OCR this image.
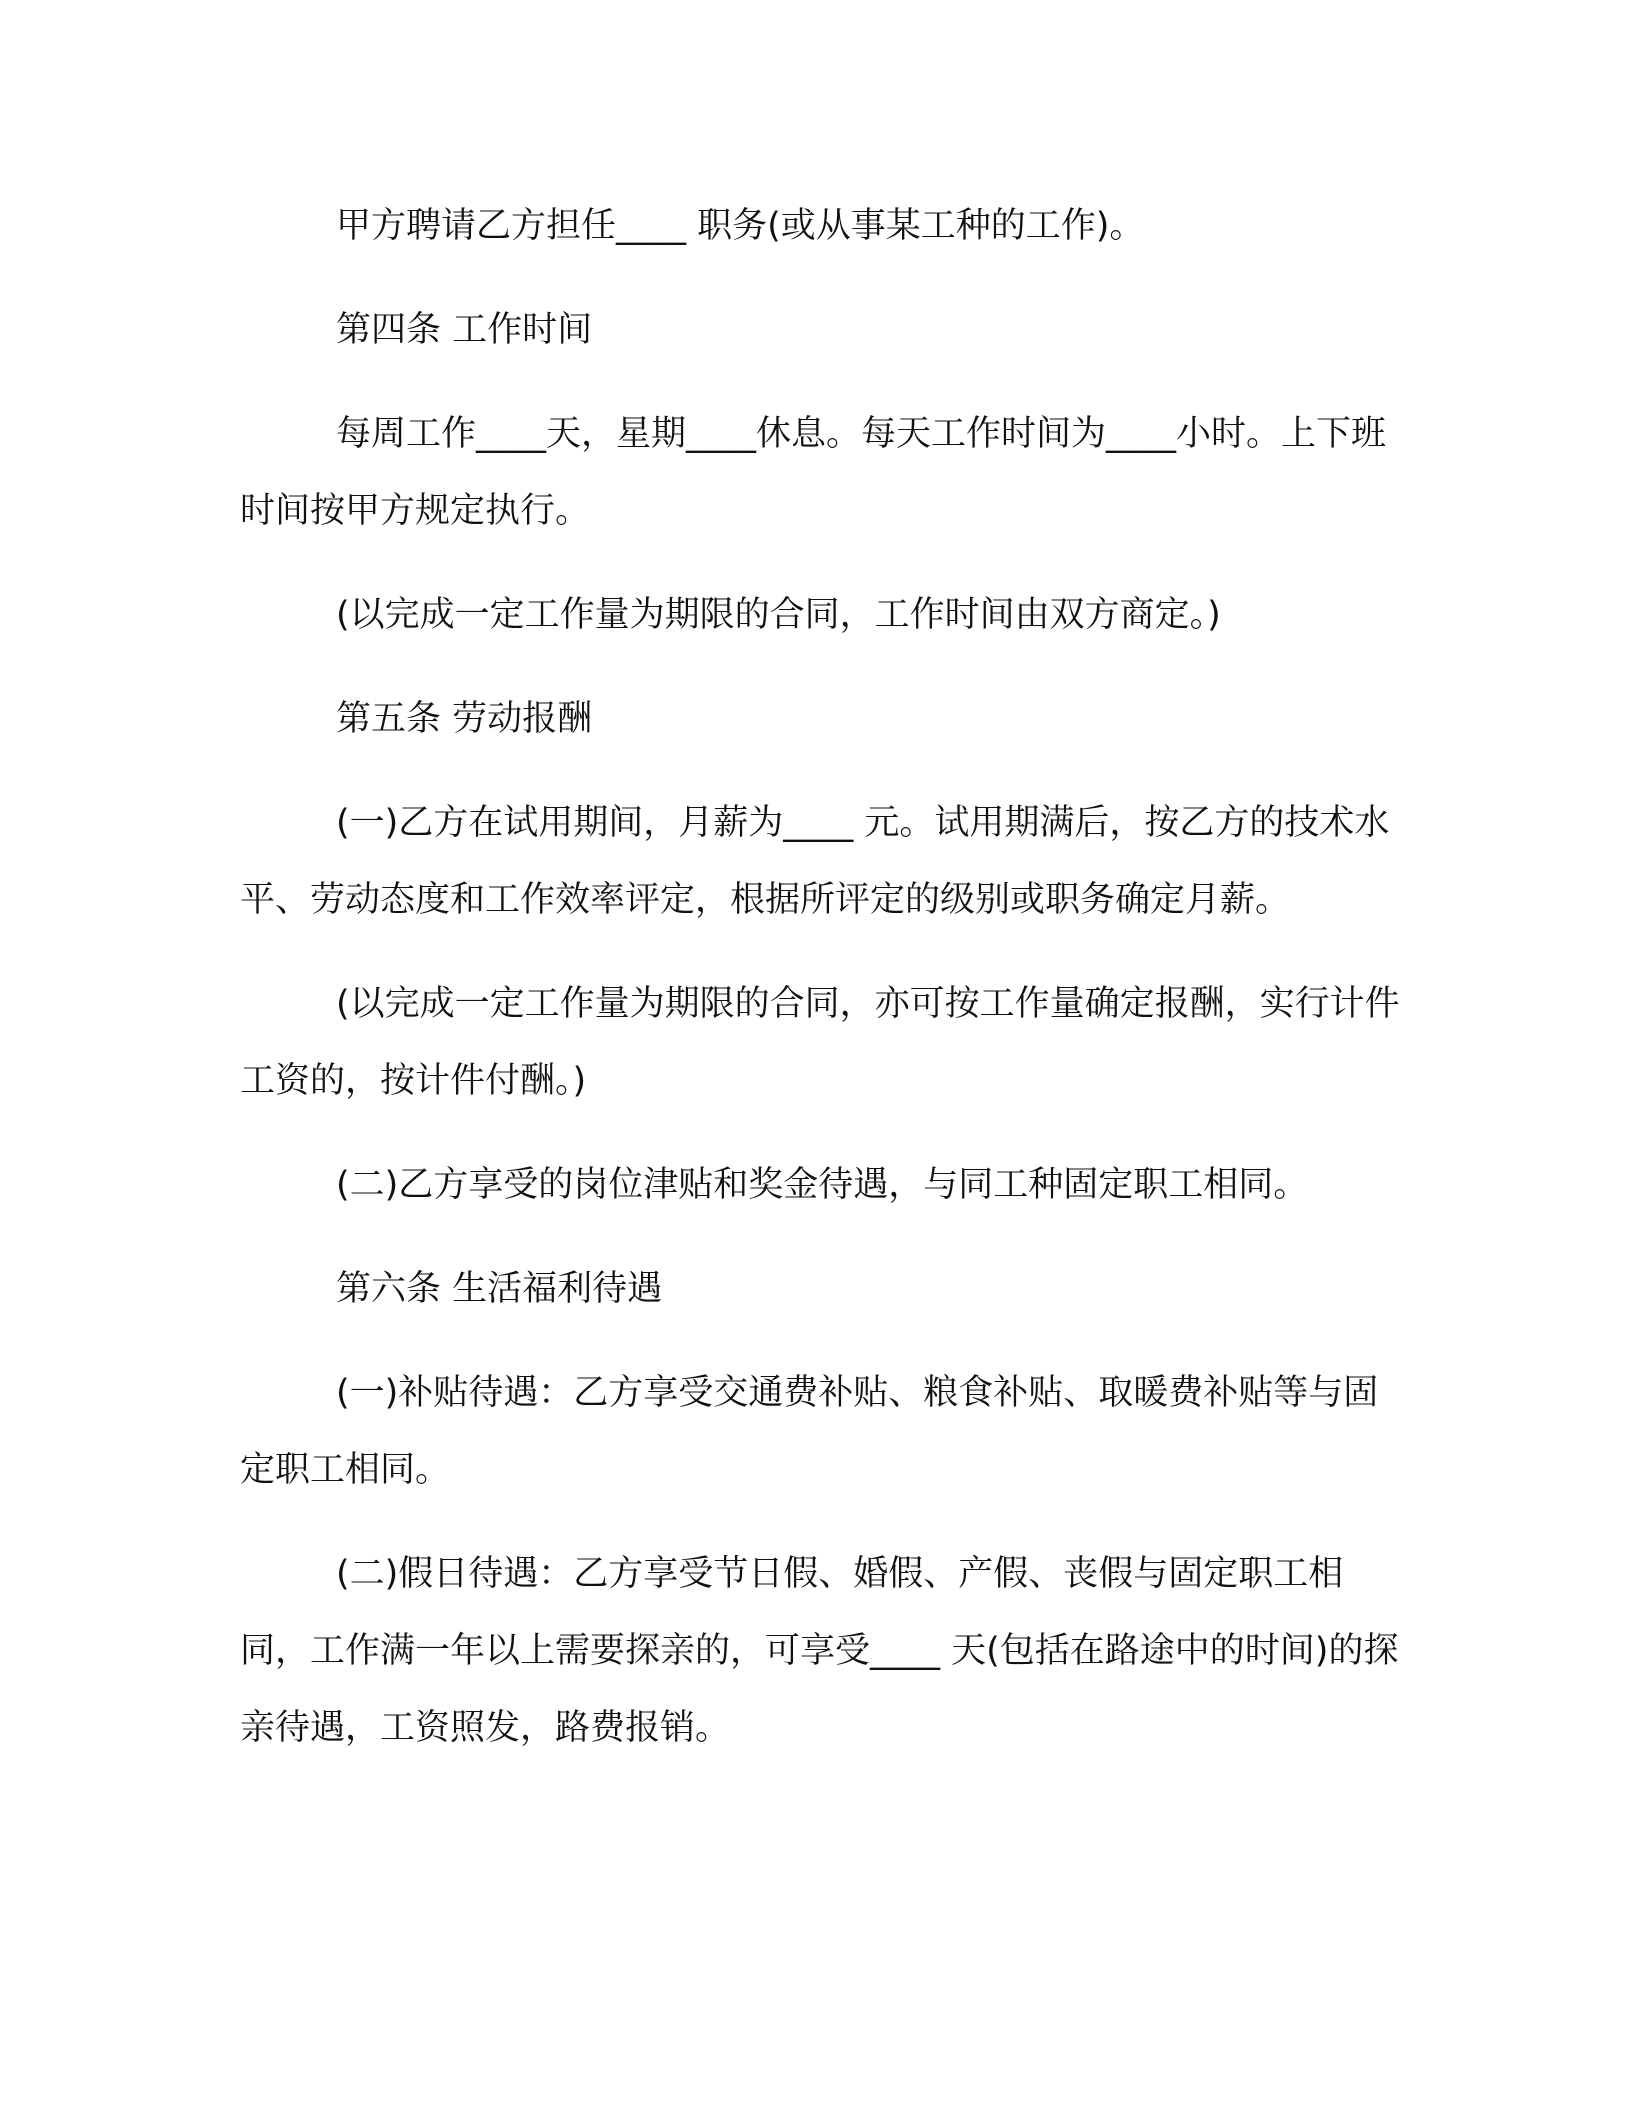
甲方聘请乙方担任____ 职务(或从事某工种的工作)。

第四条 工作时间

每周工作____天，星期____休息。每天工作时间为____小时。上下班时间按甲方规定执行。

(以完成一定工作量为期限的合同，工作时间由双方商定。)

第五条 劳动报酬

(一)乙方在试用期间，月薪为____ 元。试用期满后，按乙方的技术水平、劳动态度和工作效率评定，根据所评定的级别或职务确定月薪。

(以完成一定工作量为期限的合同，亦可按工作量确定报酬，实行计件工资的，按计件付酬。)

(二)乙方享受的岗位津贴和奖金待遇，与同工种固定职工相同。

第六条 生活福利待遇

(一)补贴待遇：乙方享受交通费补贴、粮食补贴、取暖费补贴等与固定职工相同。

(二)假日待遇：乙方享受节日假、婚假、产假、丧假与固定职工相同，工作满一年以上需要探亲的，可享受____ 天(包括在路途中的时间)的探亲待遇，工资照发，路费报销。
